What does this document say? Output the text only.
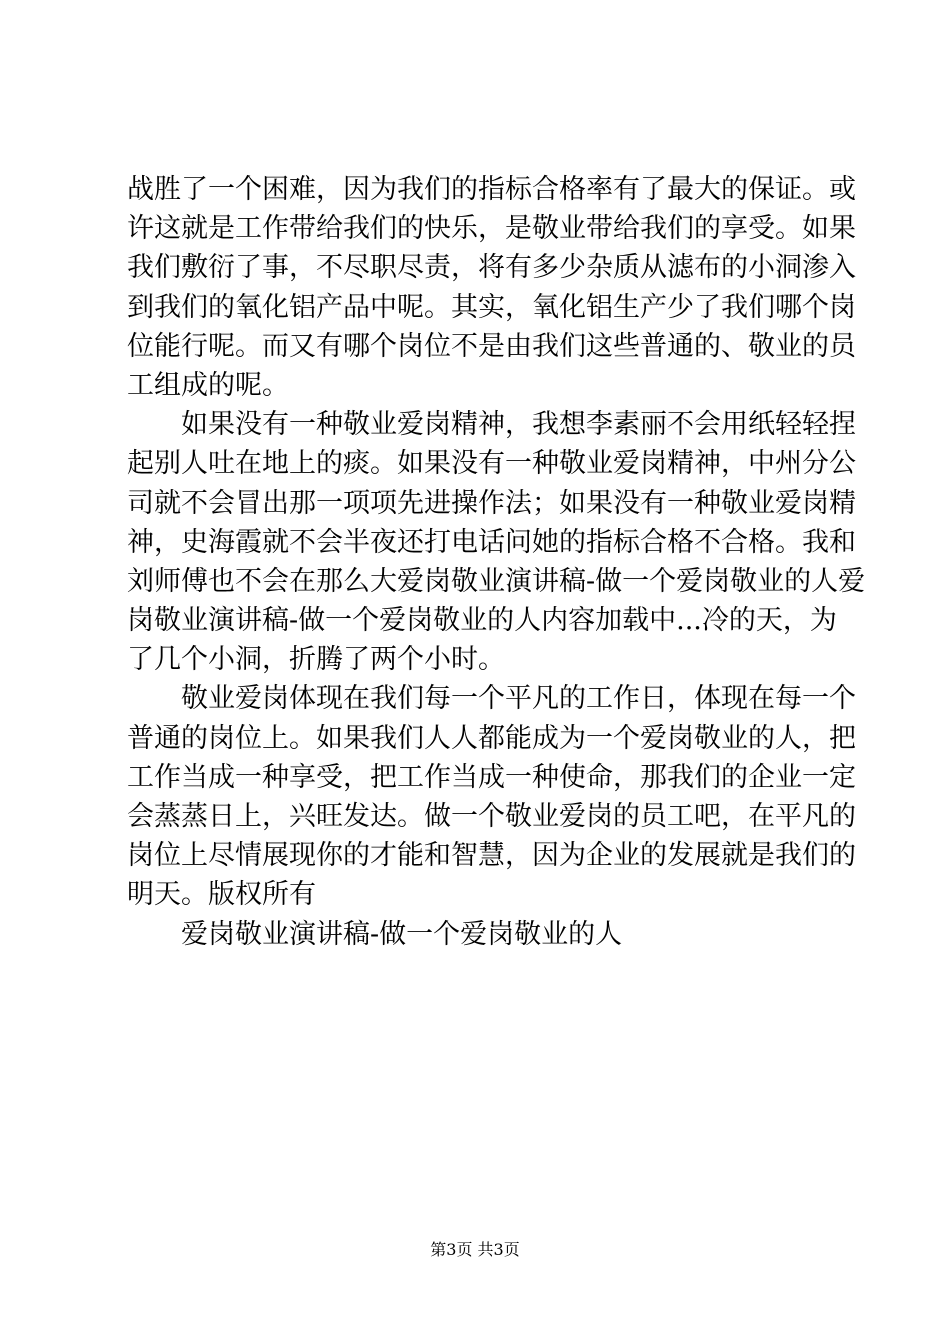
战胜了一个困难，因为我们的指标合格率有了最大的保证。或
许这就是工作带给我们的快乐，是敬业带给我们的享受。如果
我们敷衍了事，不尽职尽责，将有多少杂质从滤布的小洞渗入
到我们的氧化铝产品中呢。其实，氧化铝生产少了我们哪个岗
位能行呢。而又有哪个岗位不是由我们这些普通的、敬业的员
工组成的呢。
如果没有一种敬业爱岗精神，我想李素丽不会用纸轻轻捏
起别人吐在地上的痰。如果没有一种敬业爱岗精神，中州分公
司就不会冒出那一项项先进操作法；如果没有一种敬业爱岗精
神，史海霞就不会半夜还打电话问她的指标合格不合格。我和
刘师傅也不会在那么大爱岗敬业演讲稿-做一个爱岗敬业的人爱
岗敬业演讲稿-做一个爱岗敬业的人内容加载中...冷的天，为
了几个小洞，折腾了两个小时。
敬业爱岗体现在我们每一个平凡的工作日，体现在每一个
普通的岗位上。如果我们人人都能成为一个爱岗敬业的人，把
工作当成一种享受，把工作当成一种使命，那我们的企业一定
会蒸蒸日上，兴旺发达。做一个敬业爱岗的员工吧，在平凡的
岗位上尽情展现你的才能和智慧，因为企业的发展就是我们的
明天。版权所有
爱岗敬业演讲稿-做一个爱岗敬业的人
第3页 共3页
